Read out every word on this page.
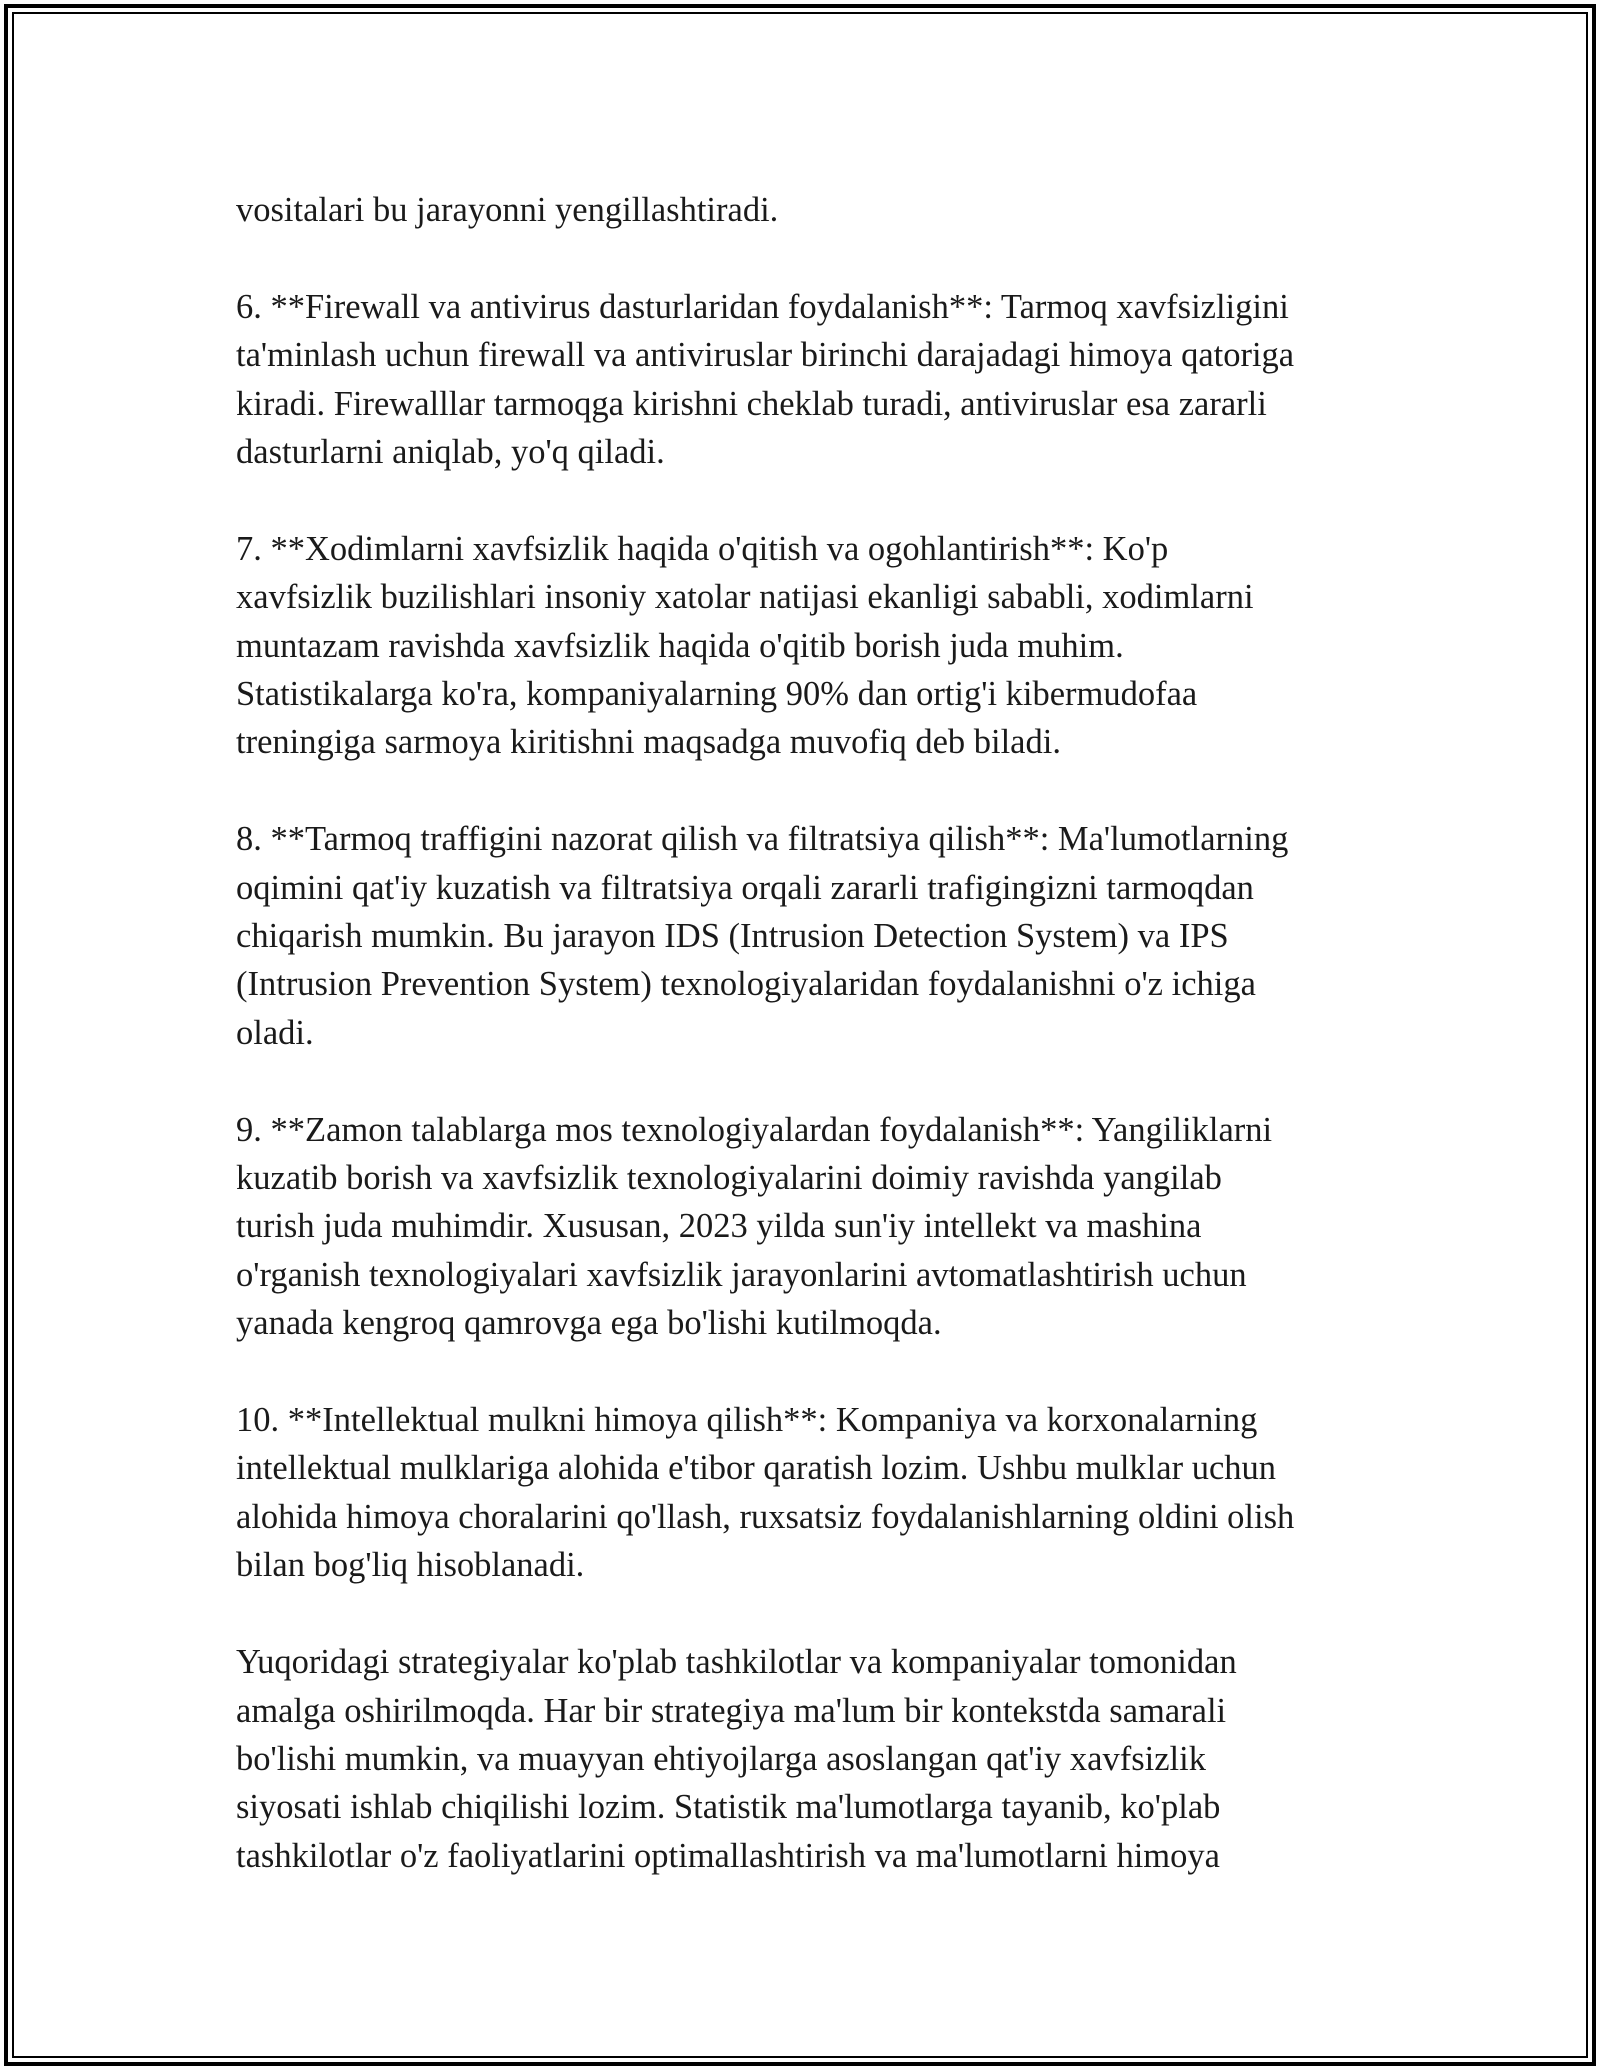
vositalari bu jarayonni yengillashtiradi.

6. **Firewall va antivirus dasturlaridan foydalanish**: Tarmoq xavfsizligini
ta'minlash uchun firewall va antiviruslar birinchi darajadagi himoya qatoriga
kiradi. Firewalllar tarmoqga kirishni cheklab turadi, antiviruslar esa zararli
dasturlarni aniqlab, yo'q qiladi.

7. **Xodimlarni xavfsizlik haqida o'qitish va ogohlantirish**: Ko'p
xavfsizlik buzilishlari insoniy xatolar natijasi ekanligi sababli, xodimlarni
muntazam ravishda xavfsizlik haqida o'qitib borish juda muhim.
Statistikalarga ko'ra, kompaniyalarning 90% dan ortig'i kibermudofaa
treningiga sarmoya kiritishni maqsadga muvofiq deb biladi.

8. **Tarmoq traffigini nazorat qilish va filtratsiya qilish**: Ma'lumotlarning
oqimini qat'iy kuzatish va filtratsiya orqali zararli trafigingizni tarmoqdan
chiqarish mumkin. Bu jarayon IDS (Intrusion Detection System) va IPS
(Intrusion Prevention System) texnologiyalaridan foydalanishni o'z ichiga
oladi.

9. **Zamon talablarga mos texnologiyalardan foydalanish**: Yangiliklarni
kuzatib borish va xavfsizlik texnologiyalarini doimiy ravishda yangilab
turish juda muhimdir. Xususan, 2023 yilda sun'iy intellekt va mashina
o'rganish texnologiyalari xavfsizlik jarayonlarini avtomatlashtirish uchun
yanada kengroq qamrovga ega bo'lishi kutilmoqda.

10. **Intellektual mulkni himoya qilish**: Kompaniya va korxonalarning
intellektual mulklariga alohida e'tibor qaratish lozim. Ushbu mulklar uchun
alohida himoya choralarini qo'llash, ruxsatsiz foydalanishlarning oldini olish
bilan bog'liq hisoblanadi.

Yuqoridagi strategiyalar ko'plab tashkilotlar va kompaniyalar tomonidan
amalga oshirilmoqda. Har bir strategiya ma'lum bir kontekstda samarali
bo'lishi mumkin, va muayyan ehtiyojlarga asoslangan qat'iy xavfsizlik
siyosati ishlab chiqilishi lozim. Statistik ma'lumotlarga tayanib, ko'plab
tashkilotlar o'z faoliyatlarini optimallashtirish va ma'lumotlarni himoya
